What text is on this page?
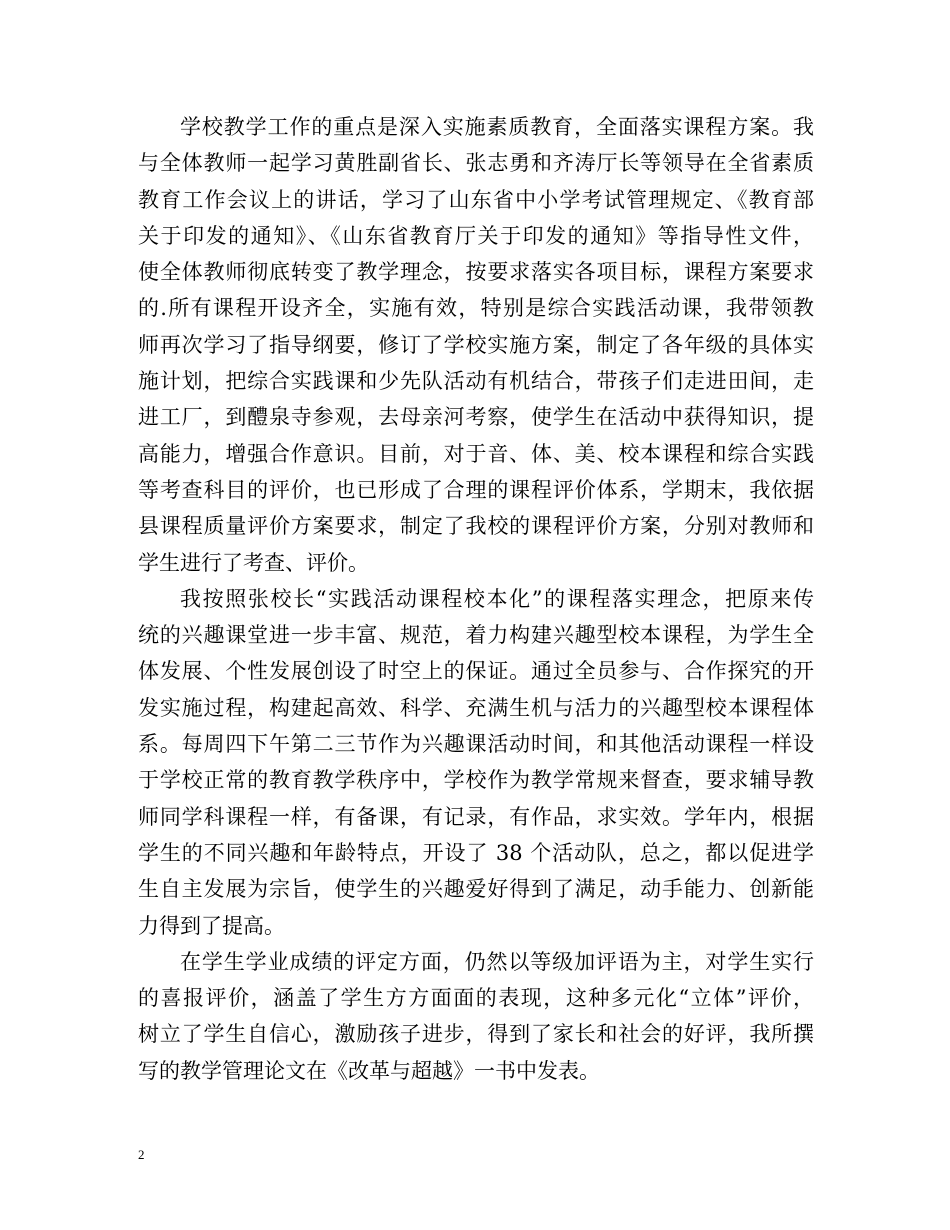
学校教学工作的重点是深入实施素质教育，全面落实课程方案。我
与全体教师一起学习黄胜副省长、张志勇和齐涛厅长等领导在全省素质
教育工作会议上的讲话，学习了山东省中小学考试管理规定、《教育部
关于印发的通知》、《山东省教育厅关于印发的通知》等指导性文件，
使全体教师彻底转变了教学理念，按要求落实各项目标，课程方案要求
的.所有课程开设齐全，实施有效，特别是综合实践活动课，我带领教
师再次学习了指导纲要，修订了学校实施方案，制定了各年级的具体实
施计划，把综合实践课和少先队活动有机结合，带孩子们走进田间，走
进工厂，到醴泉寺参观，去母亲河考察，使学生在活动中获得知识，提
高能力，增强合作意识。目前，对于音、体、美、校本课程和综合实践
等考查科目的评价，也已形成了合理的课程评价体系，学期末，我依据
县课程质量评价方案要求，制定了我校的课程评价方案，分别对教师和
学生进行了考查、评价。
我按照张校长“实践活动课程校本化”的课程落实理念，把原来传
统的兴趣课堂进一步丰富、规范，着力构建兴趣型校本课程，为学生全
体发展、个性发展创设了时空上的保证。通过全员参与、合作探究的开
发实施过程，构建起高效、科学、充满生机与活力的兴趣型校本课程体
系。每周四下午第二三节作为兴趣课活动时间，和其他活动课程一样设
于学校正常的教育教学秩序中，学校作为教学常规来督查，要求辅导教
师同学科课程一样，有备课，有记录，有作品，求实效。学年内，根据
学生的不同兴趣和年龄特点，开设了 38 个活动队，总之，都以促进学
生自主发展为宗旨，使学生的兴趣爱好得到了满足，动手能力、创新能
力得到了提高。
在学生学业成绩的评定方面，仍然以等级加评语为主，对学生实行
的喜报评价，涵盖了学生方方面面的表现，这种多元化“立体”评价，
树立了学生自信心，激励孩子进步，得到了家长和社会的好评，我所撰
写的教学管理论文在《改革与超越》一书中发表。
2
